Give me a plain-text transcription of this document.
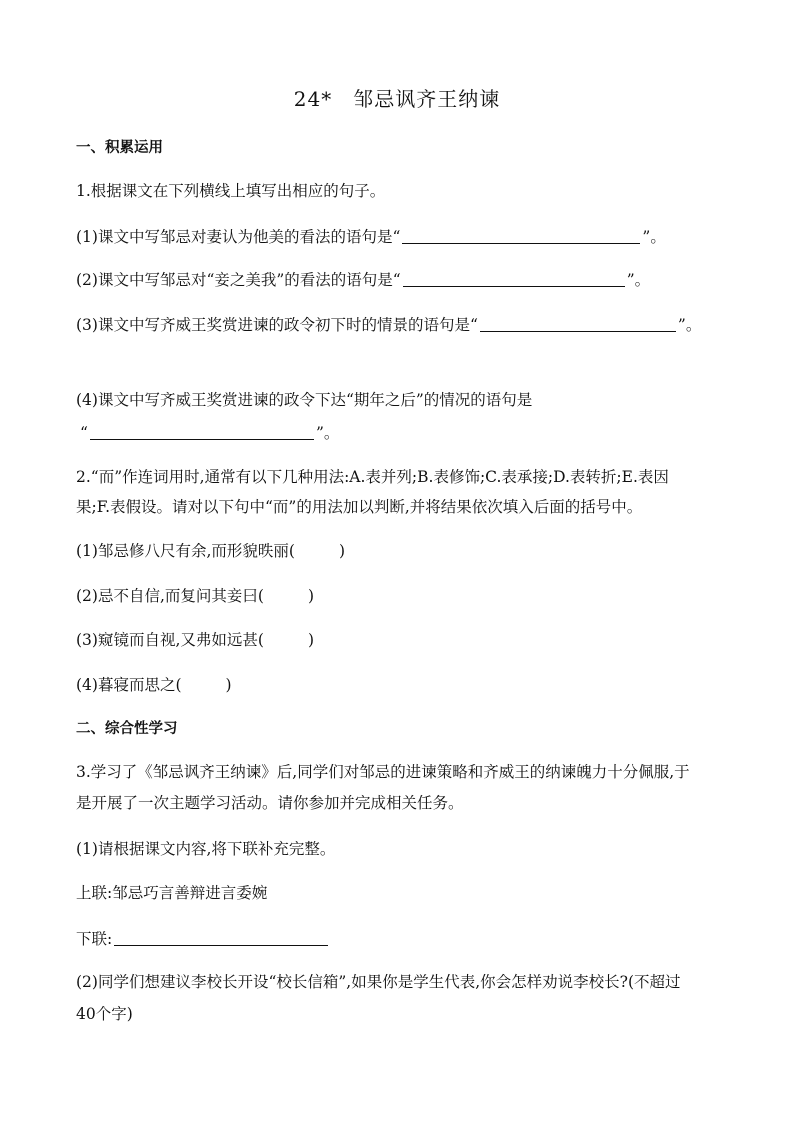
24*　邹忌讽齐王纳谏
一、积累运用
1.根据课文在下列横线上填写出相应的句子。
(1)课文中写邹忌对妻认为他美的看法的语句是“	”。
(2)课文中写邹忌对“妾之美我”的看法的语句是“	”。
(3)课文中写齐威王奖赏进谏的政令初下时的情景的语句是“	”。
(4)课文中写齐威王奖赏进谏的政令下达“期年之后”的情况的语句是
“	”。
2.“而”作连词用时,通常有以下几种用法:A.表并列;B.表修饰;C.表承接;D.表转折;E.表因
果;F.表假设。请对以下句中“而”的用法加以判断,并将结果依次填入后面的括号中。
(1)邹忌修八尺有余,而形貌昳丽(	)
(2)忌不自信,而复问其妾曰(	)
(3)窥镜而自视,又弗如远甚(	)
(4)暮寝而思之(	)
二、综合性学习
3.学习了《邹忌讽齐王纳谏》后,同学们对邹忌的进谏策略和齐威王的纳谏魄力十分佩服,于
是开展了一次主题学习活动。请你参加并完成相关任务。
(1)请根据课文内容,将下联补充完整。
上联:邹忌巧言善辩进言委婉
下联:
(2)同学们想建议李校长开设“校长信箱”,如果你是学生代表,你会怎样劝说李校长?(不超过
40个字)
